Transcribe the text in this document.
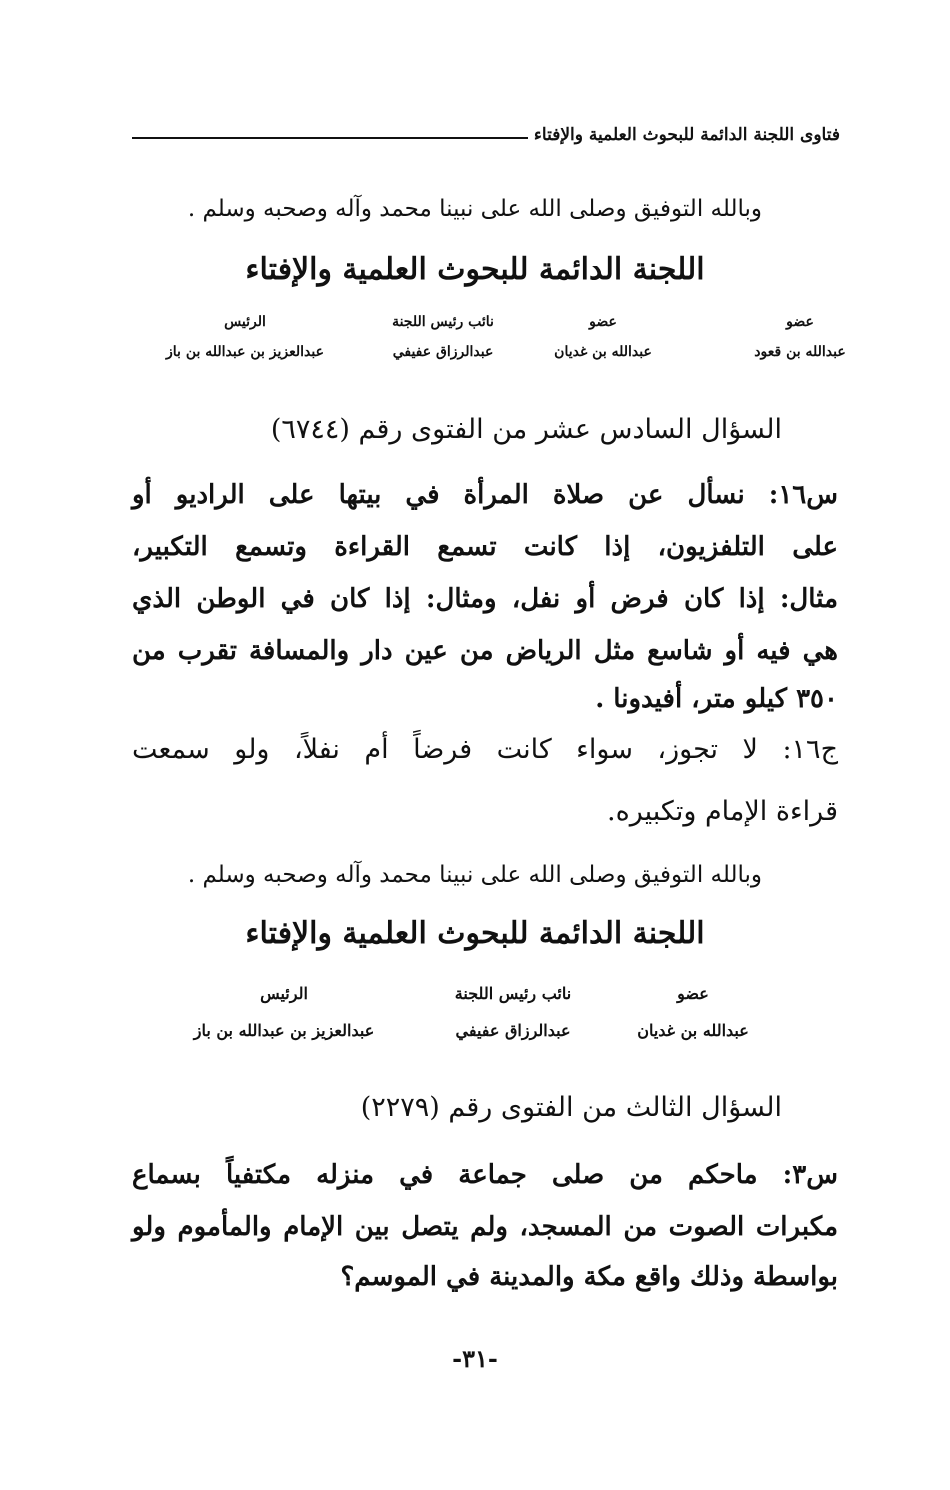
فتاوى اللجنة الدائمة للبحوث العلمية والإفتاء
وبالله التوفيق وصلى الله على نبينا محمد وآله وصحبه وسلم .
اللجنة الدائمة للبحوث العلمية والإفتاء
عضو
عبدالله بن قعود
عضو
عبدالله بن غديان
نائب رئيس اللجنة
عبدالرزاق عفيفي
الرئيس
عبدالعزيز بن عبدالله بن باز
السؤال السادس عشر من الفتوى رقم (٦٧٤٤)
س١٦: نسأل عن صلاة المرأة في بيتها على الراديو أو
على التلفزيون، إذا كانت تسمع القراءة وتسمع التكبير،
مثال: إذا كان فرض أو نفل، ومثال: إذا كان في الوطن الذي
هي فيه أو شاسع مثل الرياض من عين دار والمسافة تقرب من
٣٥٠ كيلو متر، أفيدونا .
ج١٦: لا تجوز، سواء كانت فرضاً أم نفلاً، ولو سمعت
قراءة الإمام وتكبيره.
وبالله التوفيق وصلى الله على نبينا محمد وآله وصحبه وسلم .
اللجنة الدائمة للبحوث العلمية والإفتاء
عضو
عبدالله بن غديان
نائب رئيس اللجنة
عبدالرزاق عفيفي
الرئيس
عبدالعزيز بن عبدالله بن باز
السؤال الثالث من الفتوى رقم (٢٢٧٩)
س٣: ماحكم من صلى جماعة في منزله مكتفياً بسماع
مكبرات الصوت من المسجد، ولم يتصل بين الإمام والمأموم ولو
بواسطة وذلك واقع مكة والمدينة في الموسم؟
-٣١-
